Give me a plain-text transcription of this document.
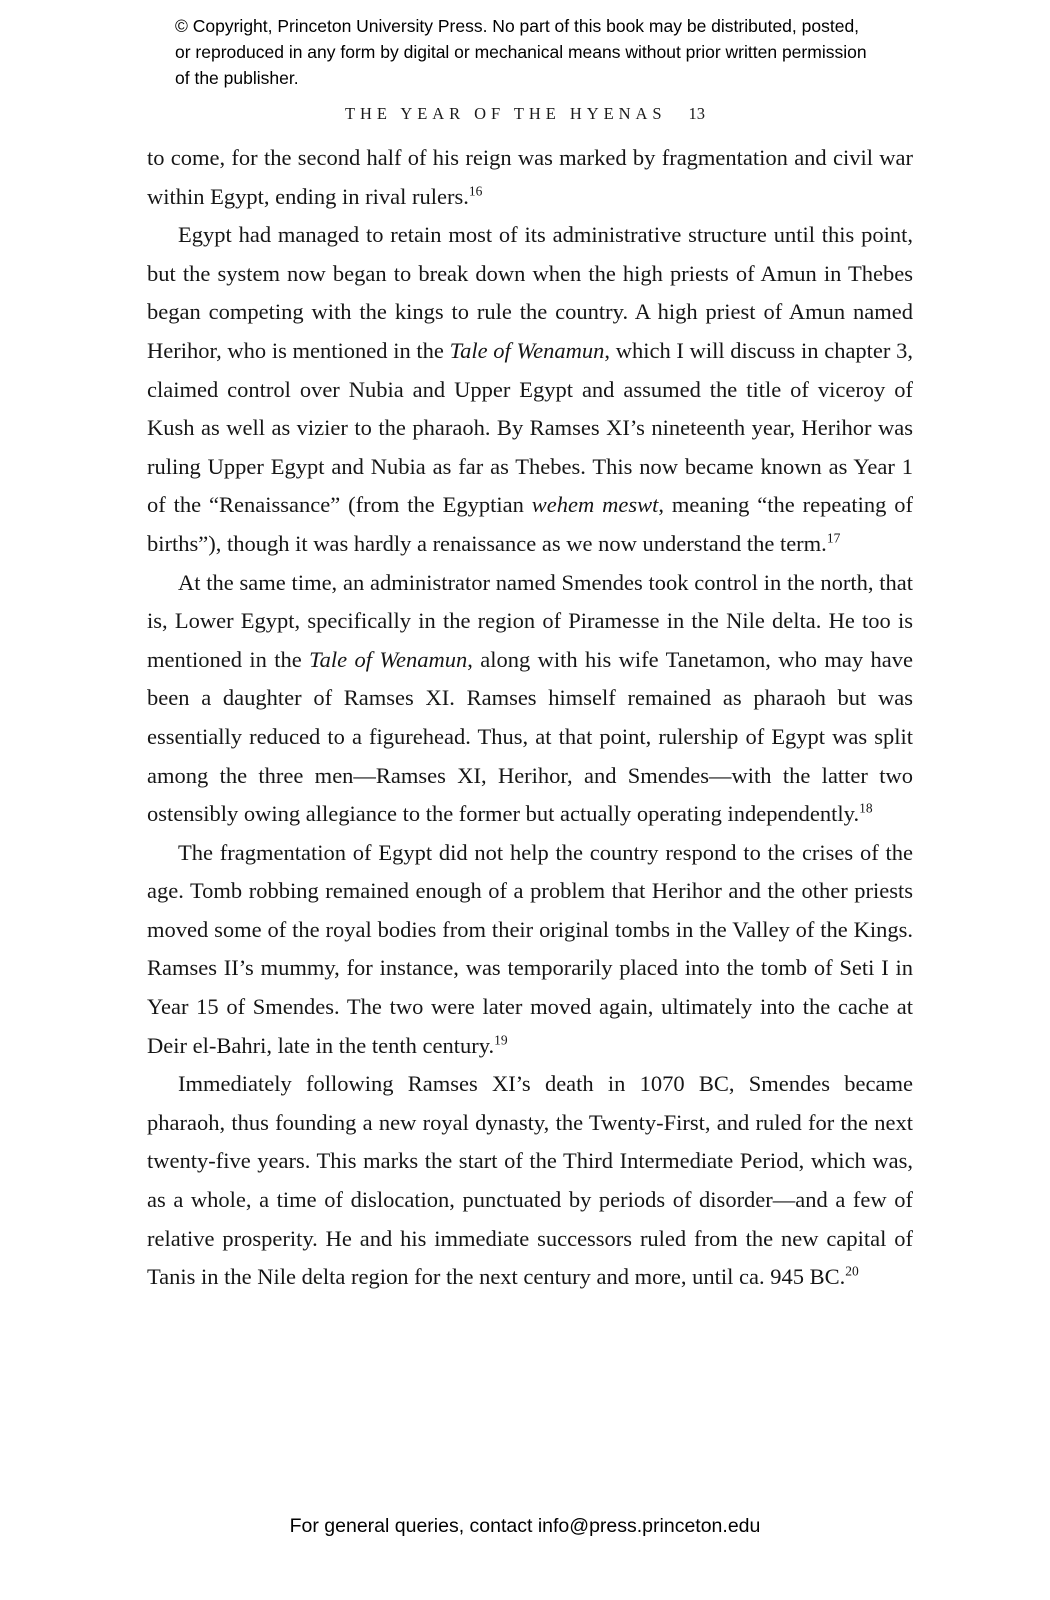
© Copyright, Princeton University Press. No part of this book may be distributed, posted, or reproduced in any form by digital or mechanical means without prior written permission of the publisher.
THE YEAR OF THE HYENAS 13

to come, for the second half of his reign was marked by fragmentation and civil war within Egypt, ending in rival rulers.$^{16}$

Egypt had managed to retain most of its administrative structure until this point, but the system now began to break down when the high priests of Amun in Thebes began competing with the kings to rule the country. A high priest of Amun named Herihor, who is mentioned in the Tale of Wenamun, which I will discuss in chapter 3, claimed control over Nubia and Upper Egypt and assumed the title of viceroy of Kush as well as vizier to the pharaoh. By Ramses XI’s nineteenth year, Herihor was ruling Upper Egypt and Nubia as far as Thebes. This now became known as Year 1 of the “Renaissance” (from the Egyptian wehem meswt, meaning “the repeating of births”), though it was hardly a renaissance as we now understand the term.$^{17}$

At the same time, an administrator named Smendes took control in the north, that is, Lower Egypt, specifically in the region of Piramesse in the Nile delta. He too is mentioned in the Tale of Wenamun, along with his wife Tanetamon, who may have been a daughter of Ramses XI. Ramses himself remained as pharaoh but was essentially reduced to a figurehead. Thus, at that point, rulership of Egypt was split among the three men—Ramses XI, Herihor, and Smendes—with the latter two ostensibly owing allegiance to the former but actually operating independently.$^{18}$

The fragmentation of Egypt did not help the country respond to the crises of the age. Tomb robbing remained enough of a problem that Herihor and the other priests moved some of the royal bodies from their original tombs in the Valley of the Kings. Ramses II’s mummy, for instance, was temporarily placed into the tomb of Seti I in Year 15 of Smendes. The two were later moved again, ultimately into the cache at Deir el-Bahri, late in the tenth century.$^{19}$

Immediately following Ramses XI’s death in 1070 BC, Smendes became pharaoh, thus founding a new royal dynasty, the Twenty-First, and ruled for the next twenty-five years. This marks the start of the Third Intermediate Period, which was, as a whole, a time of dislocation, punctuated by periods of disorder—and a few of relative prosperity. He and his immediate successors ruled from the new capital of Tanis in the Nile delta region for the next century and more, until ca. 945 BC.$^{20}$

For general queries, contact info@press.princeton.edu
